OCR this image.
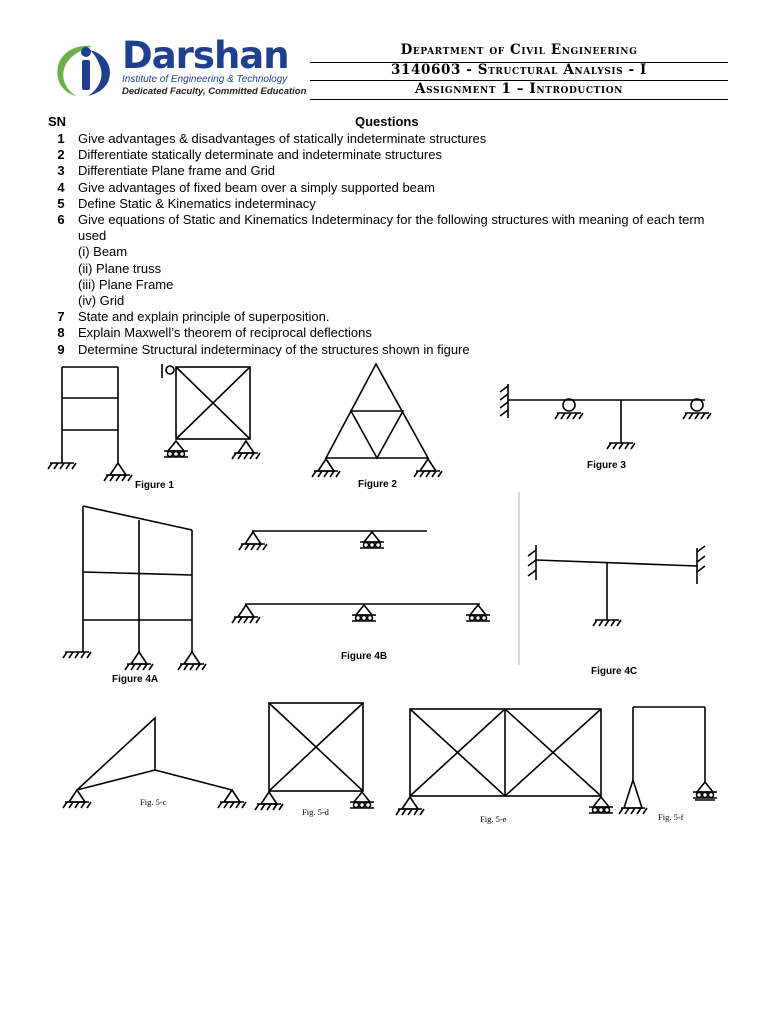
Darshan
Institute of Engineering & Technology
Dedicated Faculty, Committed Education
Department of Civil Engineering
3140603 - Structural Analysis - I
Assignment 1 – Introduction
SN	Questions
1	Give advantages & disadvantages of statically indeterminate structures
2	Differentiate statically determinate and indeterminate structures
3	Differentiate Plane frame and Grid
4	Give advantages of fixed beam over a simply supported beam
5	Define Static & Kinematics indeterminacy
6	Give equations of Static and Kinematics Indeterminacy for the following structures with meaning of each term used
(i) Beam
(ii) Plane truss
(iii) Plane Frame
(iv) Grid
7	State and explain principle of superposition.
8	Explain Maxwell’s theorem of reciprocal deflections
9	Determine Structural indeterminacy of the structures shown in figure
Figure 1	Figure 2
Figure 3
Figure 4A
Figure 4B
Figure 4C
Fig. 5-c
Fig. 5-d
Fig. 5-e	Fig. 5-f
